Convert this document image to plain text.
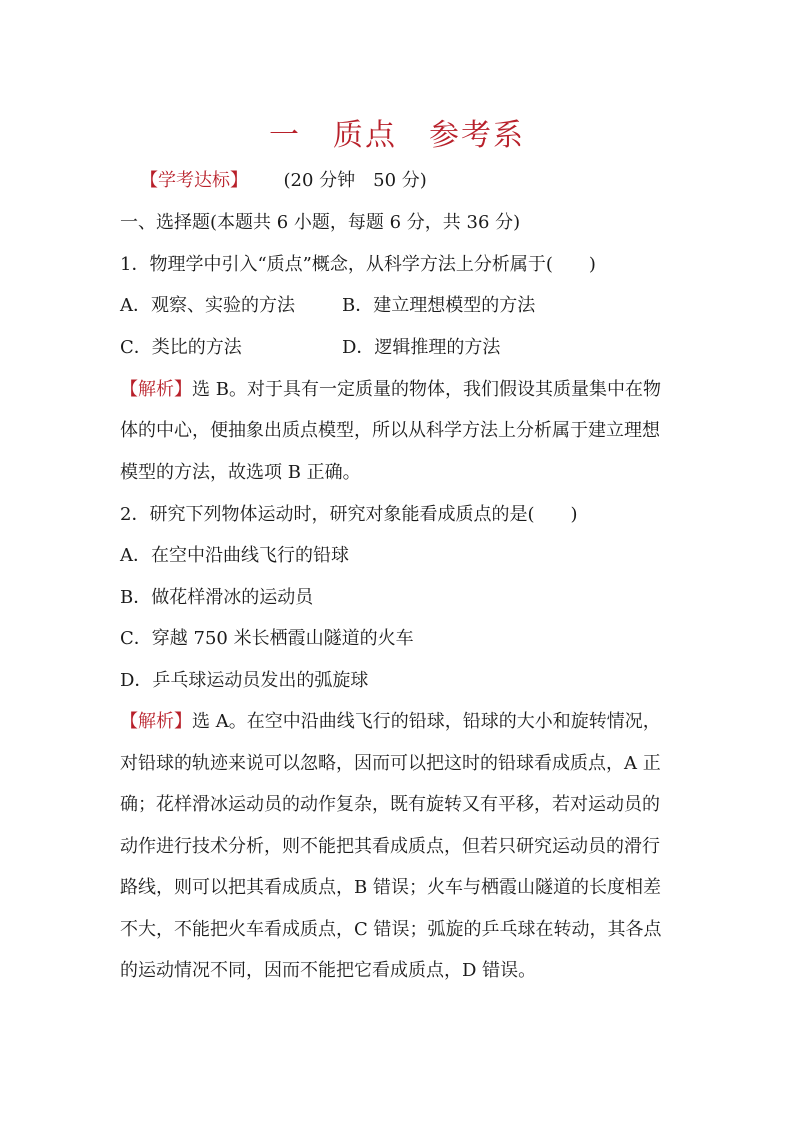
一　质点　参考系
【学考达标】 (20 分钟　50 分)
一、选择题(本题共 6 小题，每题 6 分，共 36 分)
1．物理学中引入“质点”概念，从科学方法上分析属于(　　)
A．观察、实验的方法	B．建立理想模型的方法
C．类比的方法	D．逻辑推理的方法
【解析】选 B。对于具有一定质量的物体，我们假设其质量集中在物
体的中心，便抽象出质点模型，所以从科学方法上分析属于建立理想
模型的方法，故选项 B 正确。
2．研究下列物体运动时，研究对象能看成质点的是(　　)
A．在空中沿曲线飞行的铅球
B．做花样滑冰的运动员
C．穿越 750 米长栖霞山隧道的火车
D．乒乓球运动员发出的弧旋球
【解析】选 A。在空中沿曲线飞行的铅球，铅球的大小和旋转情况，
对铅球的轨迹来说可以忽略，因而可以把这时的铅球看成质点，A 正
确；花样滑冰运动员的动作复杂，既有旋转又有平移，若对运动员的
动作进行技术分析，则不能把其看成质点，但若只研究运动员的滑行
路线，则可以把其看成质点，B 错误；火车与栖霞山隧道的长度相差
不大，不能把火车看成质点，C 错误；弧旋的乒乓球在转动，其各点
的运动情况不同，因而不能把它看成质点，D 错误。
